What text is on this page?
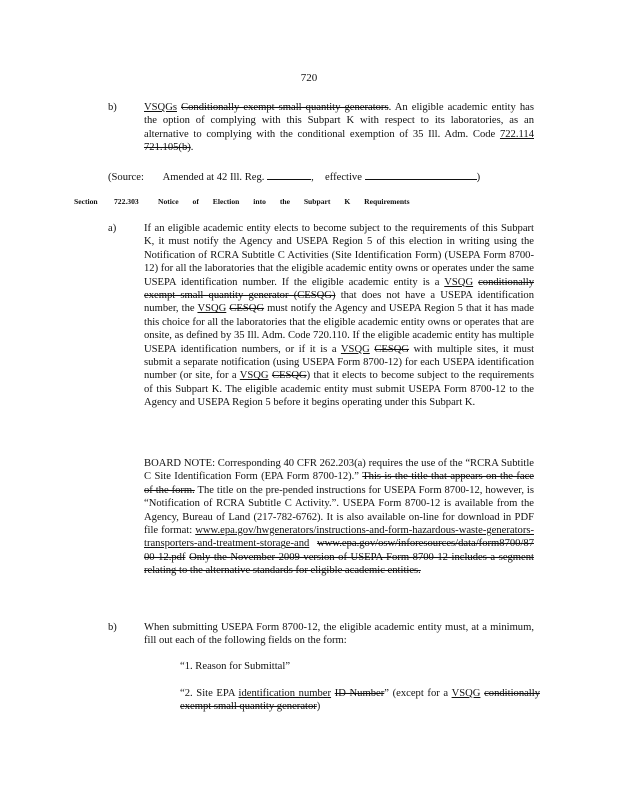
720
b)	VSQGs Conditionally exempt small quantity generators. An eligible academic entity has the option of complying with this Subpart K with respect to its laboratories, as an alternative to complying with the conditional exemption of 35 Ill. Adm. Code 722.114 721.105(b).
(Source: Amended at 42 Ill. Reg.	, effective	)
Section 722.303	Notice of Election into the Subpart K Requirements
a)	If an eligible academic entity elects to become subject to the requirements of this Subpart K, it must notify the Agency and USEPA Region 5 of this election in writing using the Notification of RCRA Subtitle C Activities (Site Identification Form) (USEPA Form 8700-12) for all the laboratories that the eligible academic entity owns or operates under the same USEPA identification number. If the eligible academic entity is a VSQG conditionally exempt small quantity generator (CESQG) that does not have a USEPA identification number, the VSQG CESQG must notify the Agency and USEPA Region 5 that it has made this choice for all the laboratories that the eligible academic entity owns or operates that are onsite, as defined by 35 Ill. Adm. Code 720.110. If the eligible academic entity has multiple USEPA identification numbers, or if it is a VSQG CESQG with multiple sites, it must submit a separate notification (using USEPA Form 8700-12) for each USEPA identification number (or site, for a VSQG CESQG) that it elects to become subject to the requirements of this Subpart K. The eligible academic entity must submit USEPA Form 8700-12 to the Agency and USEPA Region 5 before it begins operating under this Subpart K.
BOARD NOTE: Corresponding 40 CFR 262.203(a) requires the use of the “RCRA Subtitle C Site Identification Form (EPA Form 8700-12).” This is the title that appears on the face of the form. The title on the pre-pended instructions for USEPA Form 8700-12, however, is “Notification of RCRA Subtitle C Activity.”. USEPA Form 8700-12 is available from the Agency, Bureau of Land (217-782-6762). It is also available on-line for download in PDF file format: www.epa.gov/hwgenerators/instructions-and-form-hazardous-waste-generators-transporters-and-treatment-storage-and www.epa.gov/osw/inforesources/data/form8700/8700-12.pdf Only the November 2009 version of USEPA Form 8700-12 includes a segment relating to the alternative standards for eligible academic entities.
b)	When submitting USEPA Form 8700-12, the eligible academic entity must, at a minimum, fill out each of the following fields on the form:
“1. Reason for Submittal”
“2. Site EPA identification number ID Number” (except for a VSQG conditionally exempt small quantity generator)
